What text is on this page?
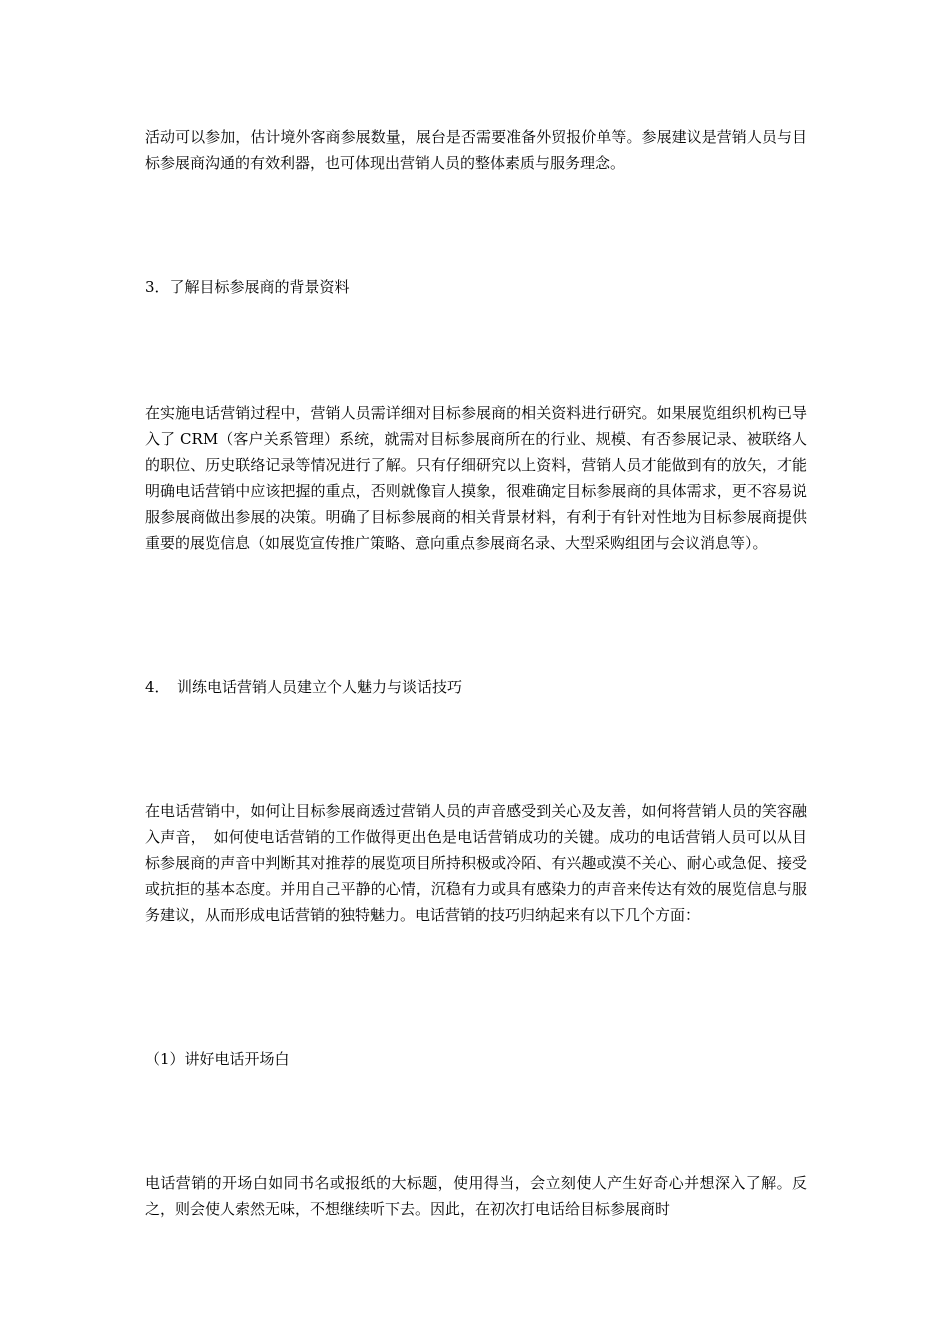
活动可以参加，估计境外客商参展数量，展台是否需要准备外贸报价单等。参展建议是营销人员与目标参展商沟通的有效利器，也可体现出营销人员的整体素质与服务理念。

3．了解目标参展商的背景资料

在实施电话营销过程中，营销人员需详细对目标参展商的相关资料进行研究。如果展览组织机构已导入了 CRM（客户关系管理）系统，就需对目标参展商所在的行业、规模、有否参展记录、被联络人的职位、历史联络记录等情况进行了解。只有仔细研究以上资料，营销人员才能做到有的放矢，才能明确电话营销中应该把握的重点，否则就像盲人摸象，很难确定目标参展商的具体需求，更不容易说服参展商做出参展的决策。明确了目标参展商的相关背景材料，有利于有针对性地为目标参展商提供重要的展览信息（如展览宣传推广策略、意向重点参展商名录、大型采购组团与会议消息等）。

4．　训练电话营销人员建立个人魅力与谈话技巧

在电话营销中，如何让目标参展商透过营销人员的声音感受到关心及友善，如何将营销人员的笑容融入声音，　如何使电话营销的工作做得更出色是电话营销成功的关键。成功的电话营销人员可以从目标参展商的声音中判断其对推荐的展览项目所持积极或冷陌、有兴趣或漠不关心、耐心或急促、接受或抗拒的基本态度。并用自己平静的心情，沉稳有力或具有感染力的声音来传达有效的展览信息与服务建议，从而形成电话营销的独特魅力。电话营销的技巧归纳起来有以下几个方面：

（1）讲好电话开场白

电话营销的开场白如同书名或报纸的大标题，使用得当，会立刻使人产生好奇心并想深入了解。反之，则会使人索然无味，不想继续听下去。因此，在初次打电话给目标参展商时
